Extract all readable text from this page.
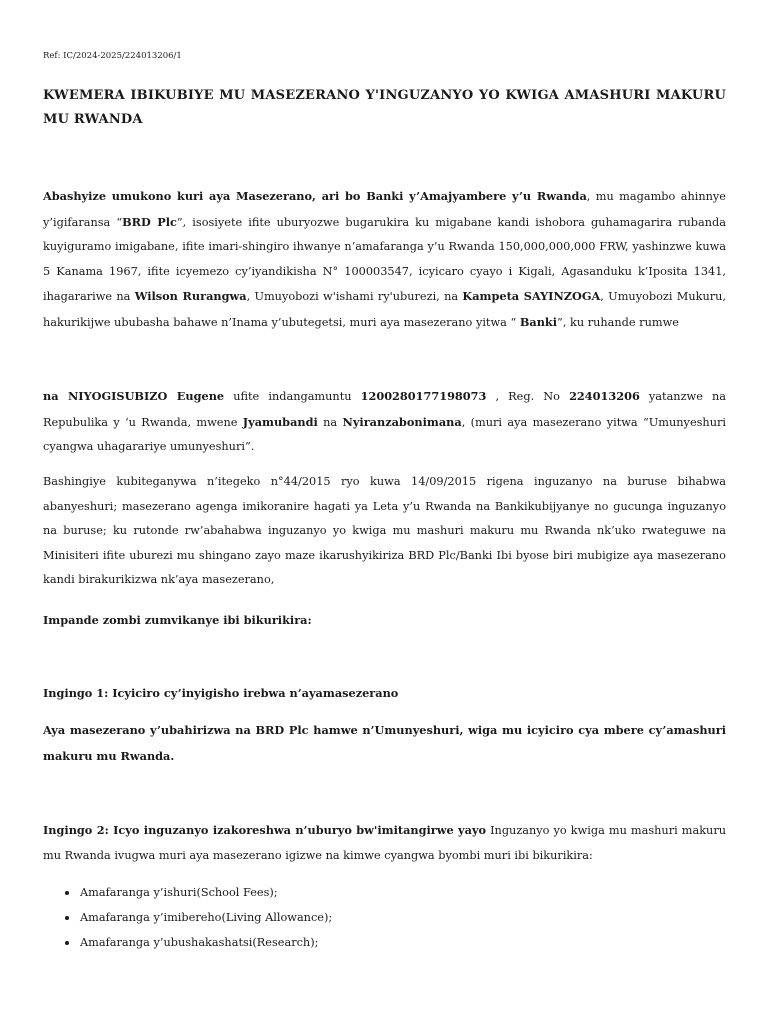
Ref: IC/2024-2025/224013206/1
KWEMERA IBIKUBIYE MU MASEZERANO Y'INGUZANYO YO KWIGA AMASHURI MAKURU MU RWANDA
Abashyize umukono kuri aya Masezerano, ari bo Banki y’Amajyambere y’u Rwanda, mu magambo ahinnye y’igifaransa “BRD Plc”, isosiyete ifite uburyozwe bugarukira ku migabane kandi ishobora guhamagarira rubanda kuyiguramo imigabane, ifite imari-shingiro ihwanye n’amafaranga y’u Rwanda 150,000,000,000 FRW, yashinzwe kuwa 5 Kanama 1967, ifite icyemezo cy’iyandikisha N° 100003547, icyicaro cyayo i Kigali, Agasanduku k’Iposita 1341, ihagarariwe na Wilson Rurangwa, Umuyobozi w'ishami ry'uburezi, na Kampeta SAYINZOGA, Umuyobozi Mukuru, hakurikijwe ububasha bahawe n’Inama y’ubutegetsi, muri aya masezerano yitwa “ Banki”, ku ruhande rumwe
na NIYOGISUBIZO Eugene ufite indangamuntu 1200280177198073 , Reg. No 224013206 yatanzwe na Repubulika y ‘u Rwanda, mwene Jyamubandi na Nyiranzabonimana, (muri aya masezerano yitwa “Umunyeshuri cyangwa uhagarariye umunyeshuri”.
Bashingiye kubiteganywa n’itegeko n°44/2015 ryo kuwa 14/09/2015 rigena inguzanyo na buruse bihabwa abanyeshuri; masezerano agenga imikoranire hagati ya Leta y’u Rwanda na Bankikubijyanye no gucunga inguzanyo na buruse; ku rutonde rw’abahabwa inguzanyo yo kwiga mu mashuri makuru mu Rwanda nk’uko rwateguwe na Minisiteri ifite uburezi mu shingano zayo maze ikarushyikiriza BRD Plc/Banki Ibi byose biri mubigize aya masezerano kandi birakurikizwa nk’aya masezerano,
Impande zombi zumvikanye ibi bikurikira:
Ingingo 1: Icyiciro cy’inyigisho irebwa n’ayamasezerano
Aya masezerano y’ubahirizwa na BRD Plc hamwe n’Umunyeshuri, wiga mu icyiciro cya mbere cy’amashuri makuru mu Rwanda.
Ingingo 2: Icyo inguzanyo izakoreshwa n’uburyo bw'imitangirwe yayo Inguzanyo yo kwiga mu mashuri makuru mu Rwanda ivugwa muri aya masezerano igizwe na kimwe cyangwa byombi muri ibi bikurikira:
Amafaranga y’ishuri(School Fees);
Amafaranga y’imibereho(Living Allowance);
Amafaranga y’ubushakashatsi(Research);
